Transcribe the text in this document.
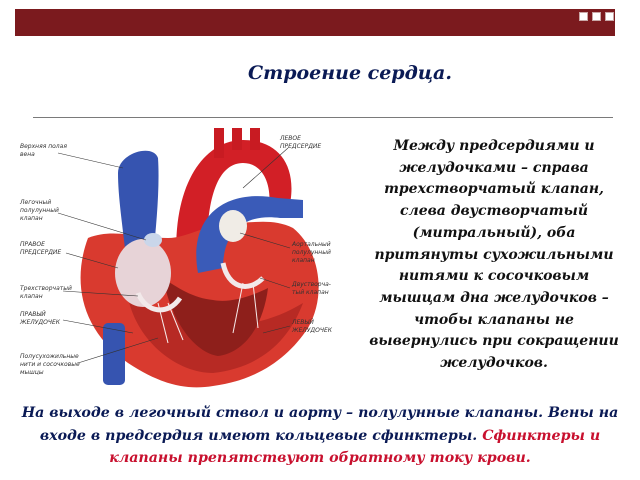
Строение сердца.
Верхняя полая вена
Легочный полулунный клапан
ПРАВОЕ ПРЕДСЕРДИЕ
Трехстворчатый клапан
ПРАВЫЙ ЖЕЛУДОЧЕК
Полусухожильные нити и сосочковые мышцы
ЛЕВОЕ ПРЕДСЕРДИЕ
Аортальный полулунный клапан
Двустворча-тый клапан
ЛЕВЫЙ ЖЕЛУДОЧЕК
Между предсердиями и желудочками – справа трехстворчатый клапан, слева двустворчатый (митральный), оба притянуты сухожильными нитями к сосочковым мышцам дна желудочков – чтобы клапаны не вывернулись при сокращении желудочков.
На выходе в легочный ствол и аорту – полулунные клапаны. Вены на входе в предсердия имеют кольцевые сфинктеры. Сфинктеры и клапаны препятствуют обратному току крови.
